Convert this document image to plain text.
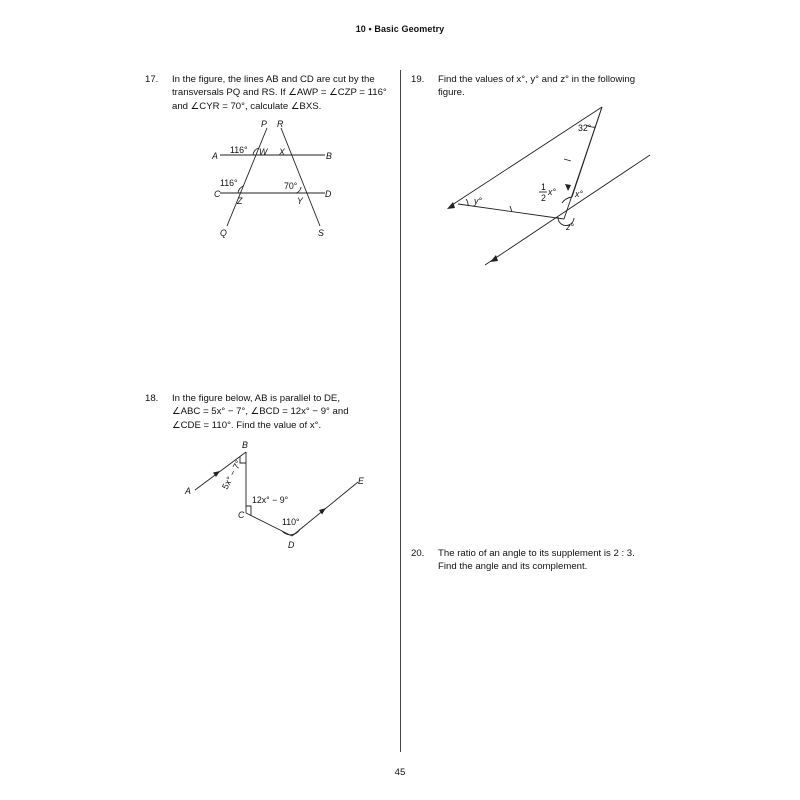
10 • Basic Geometry
17. In the figure, the lines AB and CD are cut by the
transversals PQ and RS. If ∠AWP = ∠CZP = 116°
and ∠CYR = 70°, calculate ∠BXS.
P R
A	B
C	D
W X
Z	Y
Q	S
116°
116°	70°
18. In the figure below, AB is parallel to DE,
∠ABC = 5x° − 7°, ∠BCD = 12x° − 9° and
∠CDE = 110°. Find the value of x°.
B
A
C
D
E
5x° − 7°
12x° − 9°
110°
19. Find the values of x°, y° and z° in the following
figure.
32°
y°
x°
z°
1
2
x°
20. The ratio of an angle to its supplement is 2 : 3.
Find the angle and its complement.
45
